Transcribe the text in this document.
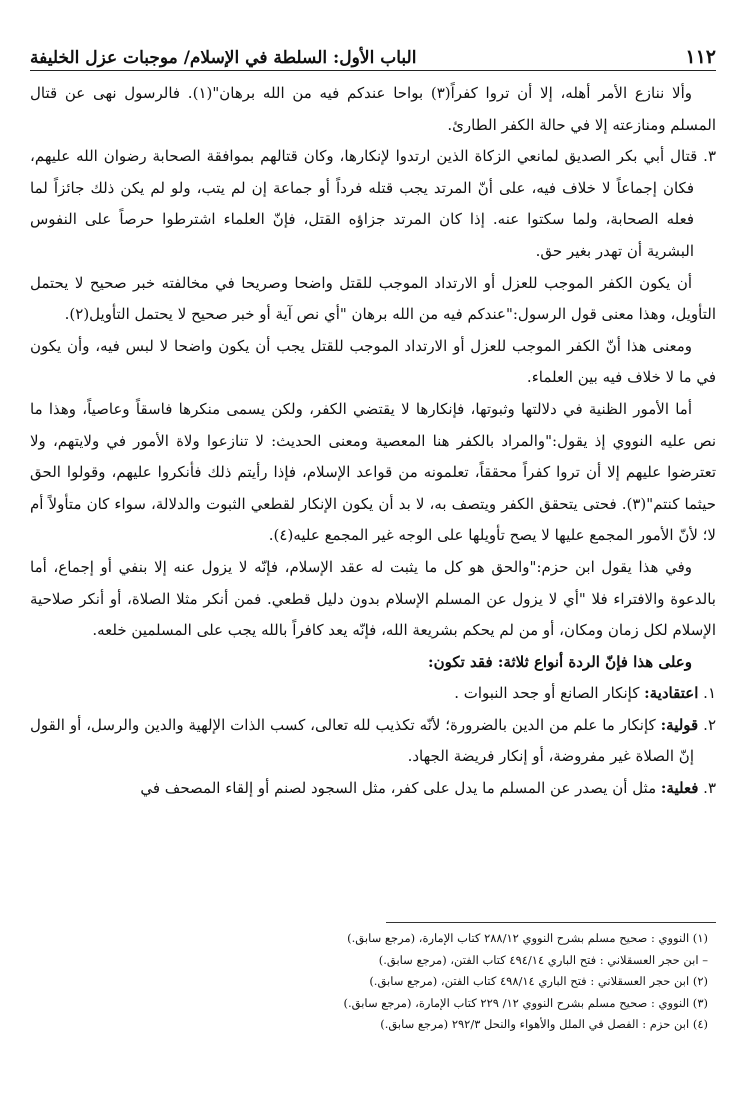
١١٢
الباب الأول: السلطة في الإسلام/ موجبات عزل الخليفة

وألا ننازع الأمر أهله، إلا أن تروا كفراً(٣) بواحا عندكم فيه من الله برهان"(١). فالرسول نهى عن قتال المسلم ومنازعته إلا في حالة الكفر الطارئ.

٣. قتال أبي بكر الصديق لمانعي الزكاة الذين ارتدوا لإنكارها، وكان قتالهم بموافقة الصحابة رضوان الله عليهم، فكان إجماعاً لا خلاف فيه، على أنّ المرتد يجب قتله فرداً أو جماعة إن لم يتب، ولو لم يكن ذلك جائزاً لما فعله الصحابة، ولما سكتوا عنه. إذا كان المرتد جزاؤه القتل، فإنّ العلماء اشترطوا حرصاً على النفوس البشرية أن تهدر بغير حق.

أن يكون الكفر الموجب للعزل أو الارتداد الموجب للقتل واضحا وصريحا في مخالفته خبر صحيح لا يحتمل التأويل، وهذا معنى قول الرسول:"عندكم فيه من الله برهان "أي نص آية أو خبر صحيح لا يحتمل التأويل(٢).

ومعنى هذا أنّ الكفر الموجب للعزل أو الارتداد الموجب للقتل يجب أن يكون واضحا لا لبس فيه، وأن يكون في ما لا خلاف فيه بين العلماء.

أما الأمور الظنية في دلالتها وثبوتها، فإنكارها لا يقتضي الكفر، ولكن يسمى منكرها فاسقاً وعاصياً، وهذا ما نص عليه النووي إذ يقول:"والمراد بالكفر هنا المعصية ومعنى الحديث: لا تنازعوا ولاة الأمور في ولايتهم، ولا تعترضوا عليهم إلا أن تروا كفراً محققاً، تعلمونه من قواعد الإسلام، فإذا رأيتم ذلك فأنكروا عليهم، وقولوا الحق حيثما كنتم"(٣). فحتى يتحقق الكفر ويتصف به، لا بد أن يكون الإنكار لقطعي الثبوت والدلالة، سواء كان متأولاً أم لا؛ لأنّ الأمور المجمع عليها لا يصح تأويلها على الوجه غير المجمع عليه(٤).

وفي هذا يقول ابن حزم:"والحق هو كل ما يثبت له عقد الإسلام، فإنّه لا يزول عنه إلا بنفي أو إجماع، أما بالدعوة والافتراء فلا "أي لا يزول عن المسلم الإسلام بدون دليل قطعي. فمن أنكر مثلا الصلاة، أو أنكر صلاحية الإسلام لكل زمان ومكان، أو من لم يحكم بشريعة الله، فإنّه يعد كافراً بالله يجب على المسلمين خلعه.

وعلى هذا فإنّ الردة أنواع ثلاثة: فقد تكون:

١. اعتقادية: كإنكار الصانع أو جحد النبوات .

٢. قولية: كإنكار ما علم من الدين بالضرورة؛ لأنّه تكذيب لله تعالى، كسب الذات الإلهية والدين والرسل، أو القول إنّ الصلاة غير مفروضة، أو إنكار فريضة الجهاد.

٣. فعلية: مثل أن يصدر عن المسلم ما يدل على كفر، مثل السجود لصنم أو إلقاء المصحف في

(١) النووي : صحيح مسلم بشرح النووي ٢٨٨/١٢ كتاب الإمارة، (مرجع سابق.)

– ابن حجر العسقلاني : فتح الباري ٤٩٤/١٤ كتاب الفتن، (مرجع سابق.)

(٢) ابن حجر العسقلاني : فتح الباري ٤٩٨/١٤ كتاب الفتن، (مرجع سابق.)

(٣) النووي : صحيح مسلم بشرح النووي ١٢/ ٢٢٩ كتاب الإمارة، (مرجع سابق.)

(٤) ابن حزم : الفصل في الملل والأهواء والنحل ٢٩٢/٣ (مرجع سابق.)
